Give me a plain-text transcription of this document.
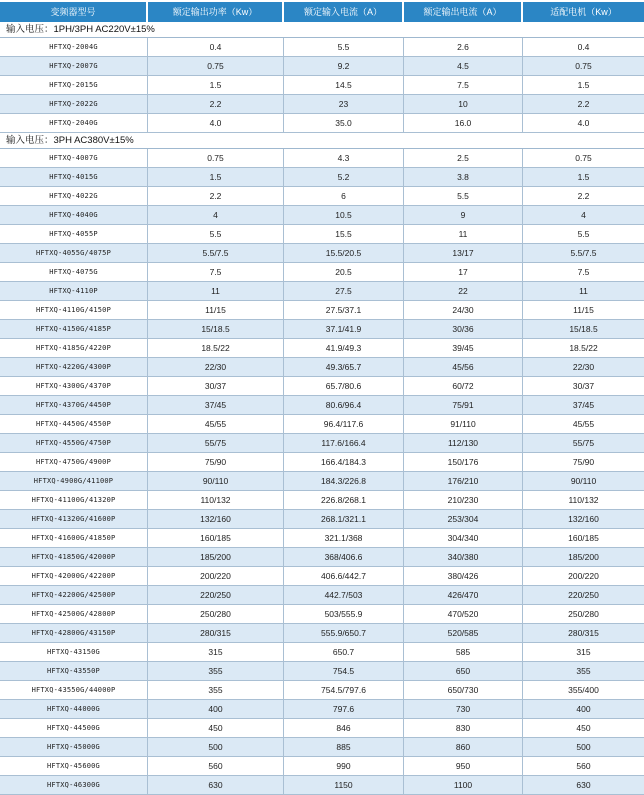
变频器型号	额定输出功率（Kw）	额定输入电流（A）	额定输出电流（A）	适配电机（Kw）
输入电压：1PH/3PH AC220V±15%
HFTXQ-2004G	0.4	5.5	2.6	0.4
HFTXQ-2007G	0.75	9.2	4.5	0.75
HFTXQ-2015G	1.5	14.5	7.5	1.5
HFTXQ-2022G	2.2	23	10	2.2
HFTXQ-2040G	4.0	35.0	16.0	4.0
输入电压：3PH AC380V±15%
HFTXQ-4007G	0.75	4.3	2.5	0.75
HFTXQ-4015G	1.5	5.2	3.8	1.5
HFTXQ-4022G	2.2	6	5.5	2.2
HFTXQ-4040G	4	10.5	9	4
HFTXQ-4055P	5.5	15.5	11	5.5
HFTXQ-4055G/4075P	5.5/7.5	15.5/20.5	13/17	5.5/7.5
HFTXQ-4075G	7.5	20.5	17	7.5
HFTXQ-4110P	11	27.5	22	11
HFTXQ-4110G/4150P	11/15	27.5/37.1	24/30	11/15
HFTXQ-4150G/4185P	15/18.5	37.1/41.9	30/36	15/18.5
HFTXQ-4185G/4220P	18.5/22	41.9/49.3	39/45	18.5/22
HFTXQ-4220G/4300P	22/30	49.3/65.7	45/56	22/30
HFTXQ-4300G/4370P	30/37	65.7/80.6	60/72	30/37
HFTXQ-4370G/4450P	37/45	80.6/96.4	75/91	37/45
HFTXQ-4450G/4550P	45/55	96.4/117.6	91/110	45/55
HFTXQ-4550G/4750P	55/75	117.6/166.4	112/130	55/75
HFTXQ-4750G/4900P	75/90	166.4/184.3	150/176	75/90
HFTXQ-4900G/41100P	90/110	184.3/226.8	176/210	90/110
HFTXQ-41100G/41320P	110/132	226.8/268.1	210/230	110/132
HFTXQ-41320G/41600P	132/160	268.1/321.1	253/304	132/160
HFTXQ-41600G/41850P	160/185	321.1/368	304/340	160/185
HFTXQ-41850G/42000P	185/200	368/406.6	340/380	185/200
HFTXQ-42000G/42200P	200/220	406.6/442.7	380/426	200/220
HFTXQ-42200G/42500P	220/250	442.7/503	426/470	220/250
HFTXQ-42500G/42800P	250/280	503/555.9	470/520	250/280
HFTXQ-42800G/43150P	280/315	555.9/650.7	520/585	280/315
HFTXQ-43150G	315	650.7	585	315
HFTXQ-43550P	355	754.5	650	355
HFTXQ-43550G/44000P	355	754.5/797.6	650/730	355/400
HFTXQ-44000G	400	797.6	730	400
HFTXQ-44500G	450	846	830	450
HFTXQ-45000G	500	885	860	500
HFTXQ-45600G	560	990	950	560
HFTXQ-46300G	630	1150	1100	630
